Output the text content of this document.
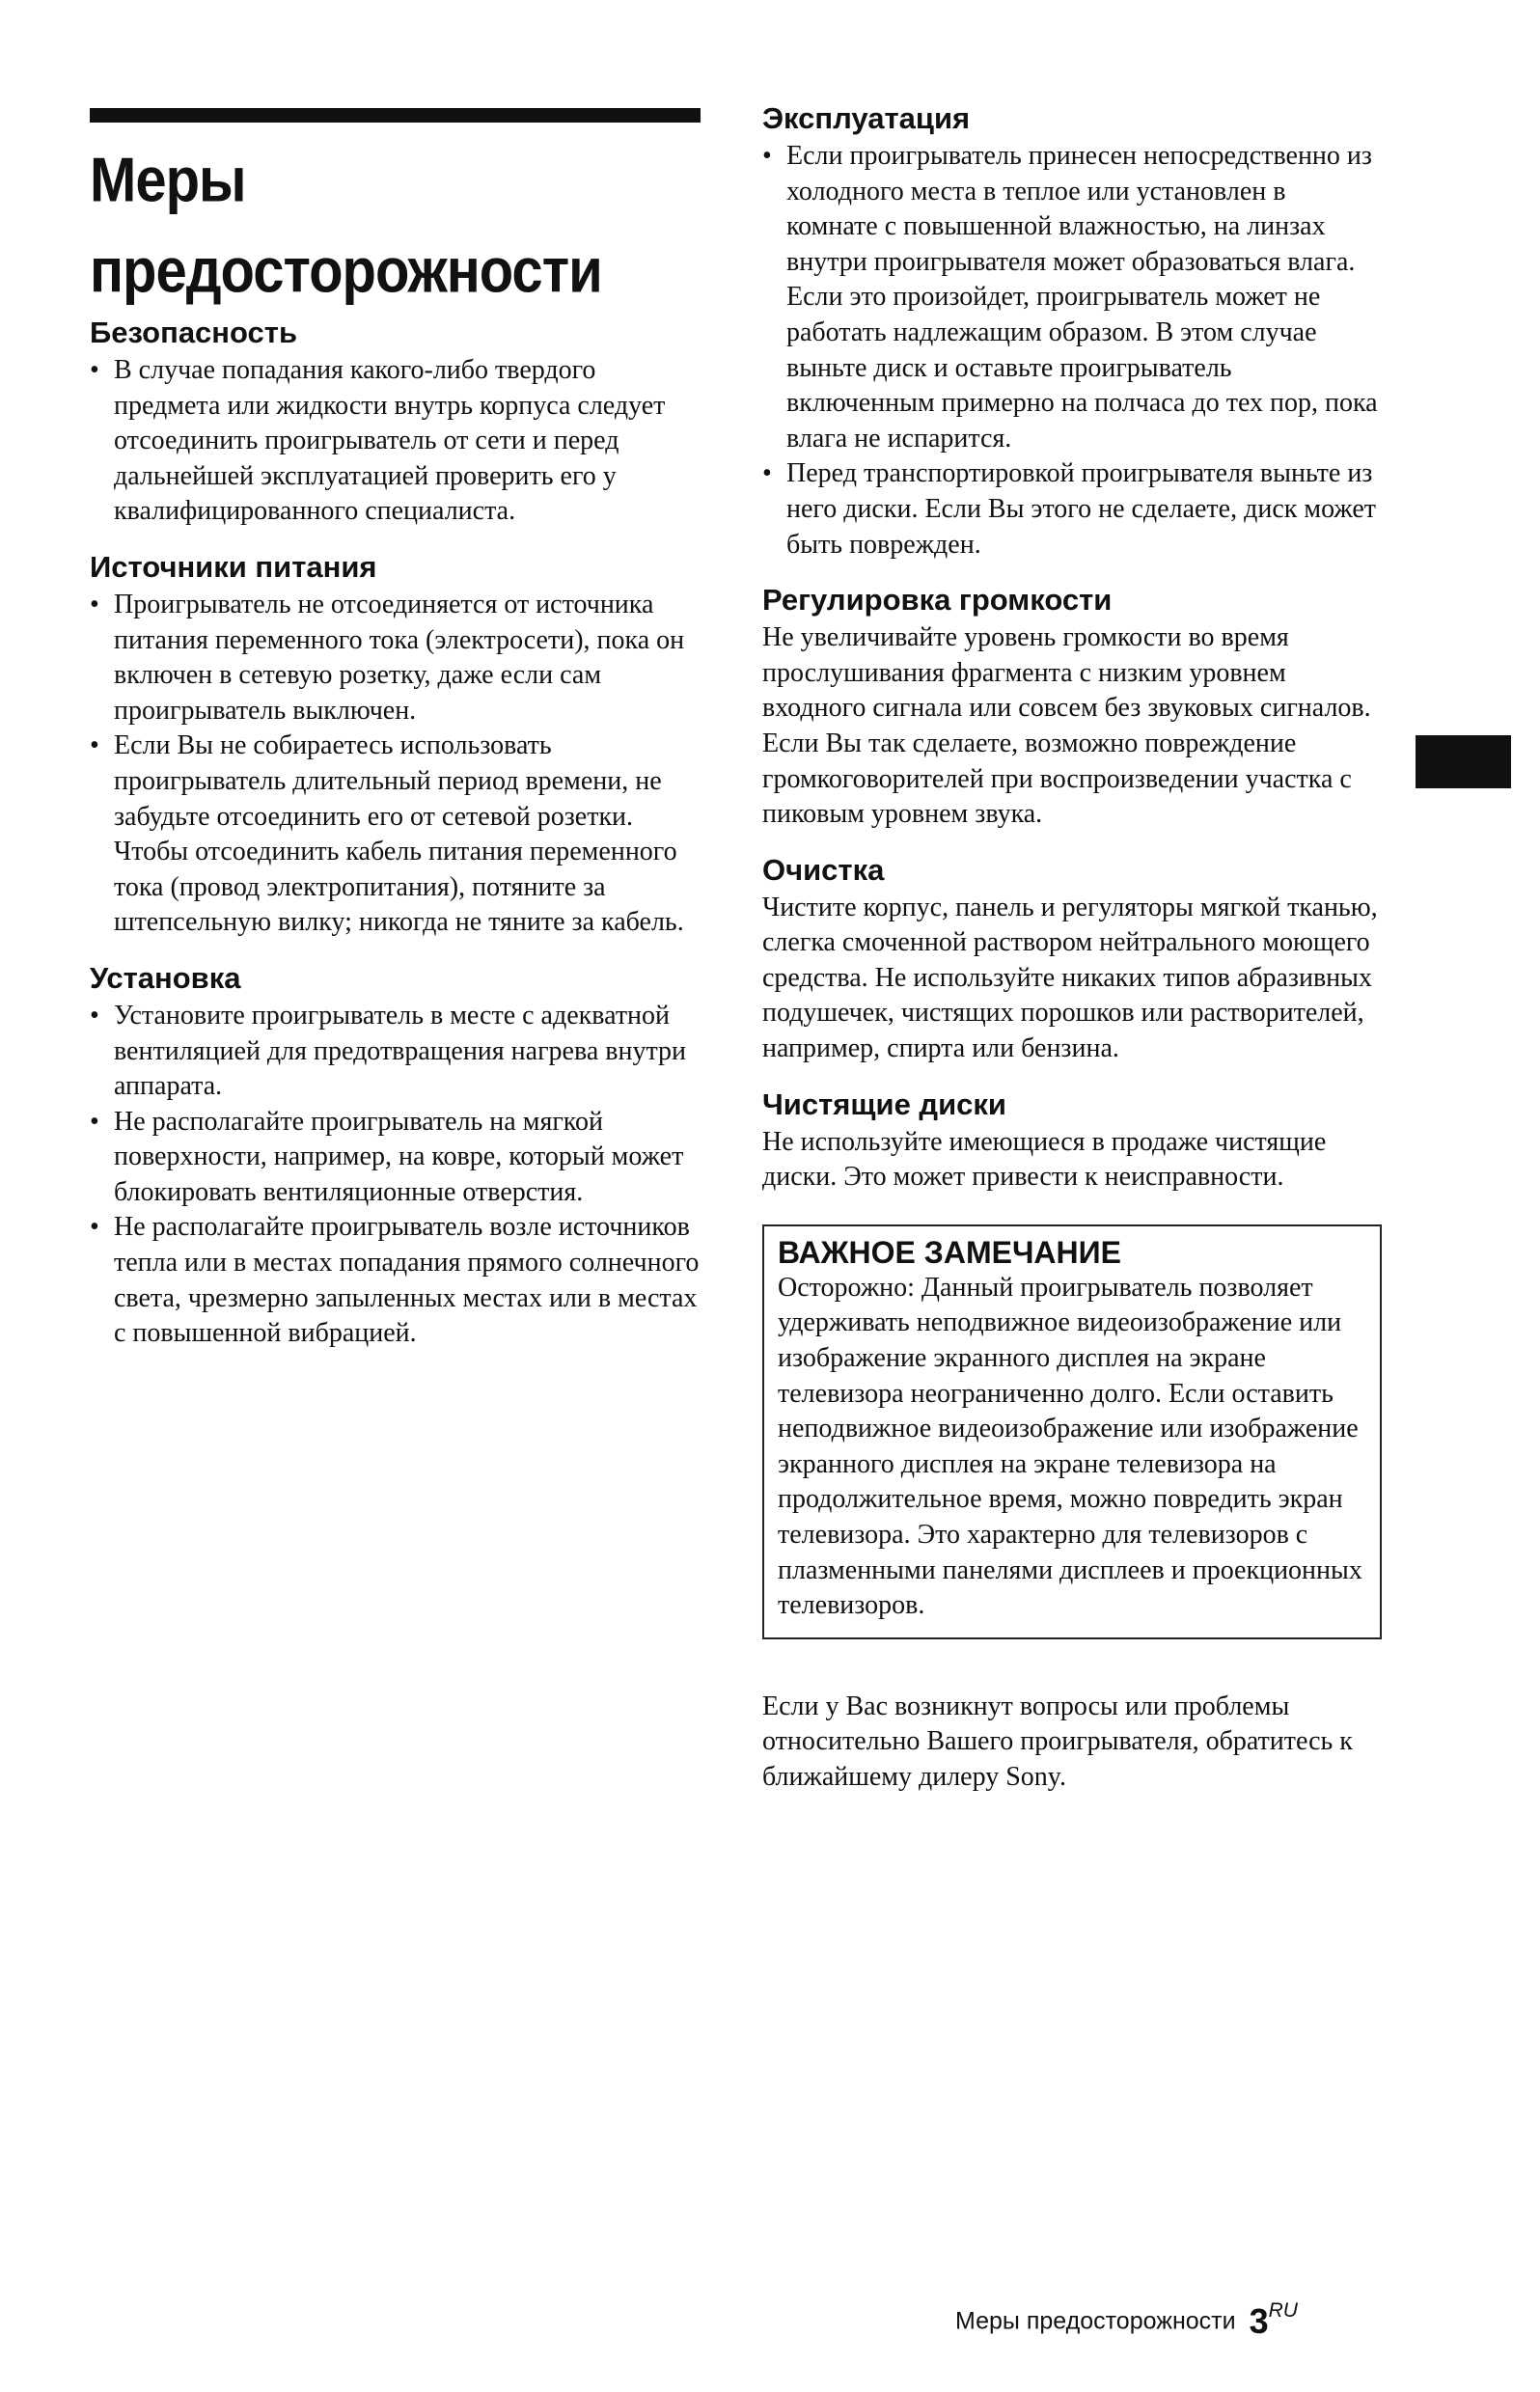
Меры предосторожности
Безопасность
• В случае попадания какого-либо твердого предмета или жидкости внутрь корпуса следует отсоединить проигрыватель от сети и перед дальнейшей эксплуатацией проверить его у квалифицированного специалиста.
Источники питания
• Проигрыватель не отсоединяется от источника питания переменного тока (электросети), пока он включен в сетевую розетку, даже если сам проигрыватель выключен.
• Если Вы не собираетесь использовать проигрыватель длительный период времени, не забудьте отсоединить его от сетевой розетки. Чтобы отсоединить кабель питания переменного тока (провод электропитания), потяните за штепсельную вилку; никогда не тяните за кабель.
Установка
• Установите проигрыватель в месте с адекватной вентиляцией для предотвращения нагрева внутри аппарата.
• Не располагайте проигрыватель на мягкой поверхности, например, на ковре, который может блокировать вентиляционные отверстия.
• Не располагайте проигрыватель возле источников тепла или в местах попадания прямого солнечного света, чрезмерно запыленных местах или в местах с повышенной вибрацией.
Эксплуатация
• Если проигрыватель принесен непосредственно из холодного места в теплое или установлен в комнате с повышенной влажностью, на линзах внутри проигрывателя может образоваться влага. Если это произойдет, проигрыватель может не работать надлежащим образом. В этом случае выньте диск и оставьте проигрыватель включенным примерно на полчаса до тех пор, пока влага не испарится.
• Перед транспортировкой проигрывателя выньте из него диски. Если Вы этого не сделаете, диск может быть поврежден.
Регулировка громкости

Не увеличивайте уровень громкости во время прослушивания фрагмента с низким уровнем входного сигнала или совсем без звуковых сигналов. Если Вы так сделаете, возможно повреждение громкоговорителей при воспроизведении участка с пиковым уровнем звука.

Очистка

Чистите корпус, панель и регуляторы мягкой тканью, слегка смоченной раствором нейтрального моющего средства. Не используйте никаких типов абразивных подушечек, чистящих порошков или растворителей, например, спирта или бензина.

Чистящие диски

Не используйте имеющиеся в продаже чистящие диски. Это может привести к неисправности.

ВАЖНОЕ ЗАМЕЧАНИЕ

Осторожно: Данный проигрыватель позволяет удерживать неподвижное видеоизображение или изображение экранного дисплея на экране телевизора неограниченно долго. Если оставить неподвижное видеоизображение или изображение экранного дисплея на экране телевизора на продолжительное время, можно повредить экран телевизора. Это характерно для телевизоров с плазменными панелями дисплеев и проекционных телевизоров.

Если у Вас возникнут вопросы или проблемы относительно Вашего проигрывателя, обратитесь к ближайшему дилеру Sony.

Меры предосторожности 3RU
